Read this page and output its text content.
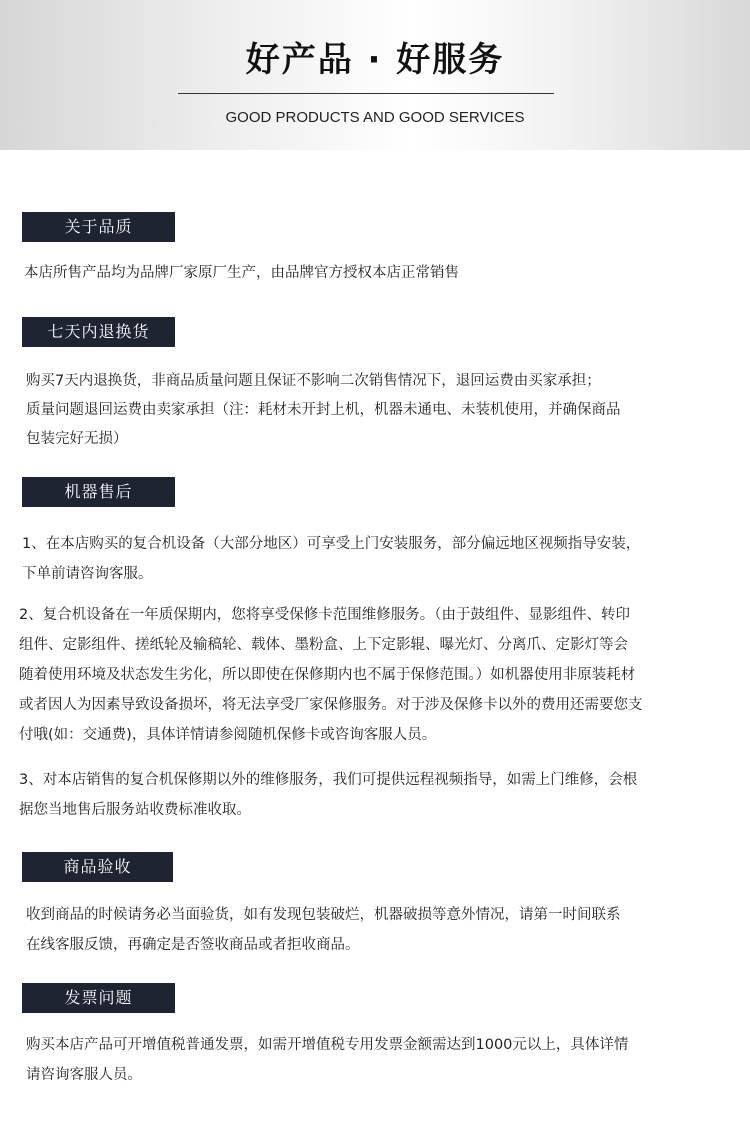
好产品 · 好服务
GOOD PRODUCTS AND GOOD SERVICES
关于品质
本店所售产品均为品牌厂家原厂生产，由品牌官方授权本店正常销售
七天内退换货
购买7天内退换货，非商品质量问题且保证不影响二次销售情况下，退回运费由买家承担；
质量问题退回运费由卖家承担（注：耗材未开封上机，机器未通电、未装机使用，并确保商品
包装完好无损）
机器售后
1、在本店购买的复合机设备（大部分地区）可享受上门安装服务，部分偏远地区视频指导安装，
下单前请咨询客服。
2、复合机设备在一年质保期内，您将享受保修卡范围维修服务。（由于鼓组件、显影组件、转印
组件、定影组件、搓纸轮及输稿轮、载体、墨粉盒、上下定影辊、曝光灯、分离爪、定影灯等会
随着使用环境及状态发生劣化，所以即使在保修期内也不属于保修范围。）如机器使用非原装耗材
或者因人为因素导致设备损坏，将无法享受厂家保修服务。对于涉及保修卡以外的费用还需要您支
付哦(如：交通费)，具体详情请参阅随机保修卡或咨询客服人员。
3、对本店销售的复合机保修期以外的维修服务，我们可提供远程视频指导，如需上门维修，会根
据您当地售后服务站收费标准收取。
商品验收
收到商品的时候请务必当面验货，如有发现包装破烂，机器破损等意外情况，请第一时间联系
在线客服反馈，再确定是否签收商品或者拒收商品。
发票问题
购买本店产品可开增值税普通发票，如需开增值税专用发票金额需达到1000元以上，具体详情
请咨询客服人员。
